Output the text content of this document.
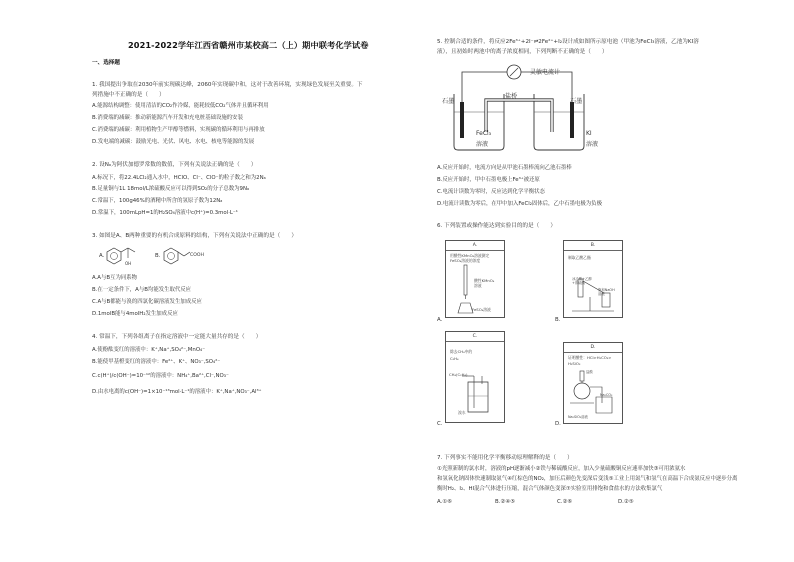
2021-2022学年江西省赣州市某校高二（上）期中联考化学试卷
一、选择题
1. 我国提出争取在2030年前实现碳达峰，2060年实现碳中和，这对于改善环境，实现绿色发展至关重要。下
列措施中不正确的是（　　）
A.能源结构调整：使用清洁的CO₂作冷媒，能耗较低CO₂气体并且循环利用
B.消费端的减碳：推动新能源汽车开发和充电桩基础设施的安装
C.消费端的减碳：利用植物生产甲醇等燃料，实现碳的循环利用与再排放
D.发电端的减碳：鼓励光电、光伏、风电、水电、核电等能源的发展
2. 设Nₐ为阿伏加德罗常数的数值，下列有关说法正确的是（　　）
A.标况下，将22.4LCl₂通入水中，HClO、Cl⁻、ClO⁻的粒子数之和为2Nₐ
B.足量铜与1L 18mol/L浓硫酸反应可以得到SO₂的分子总数为9Nₐ
C.常温下，100g46%的酒精中所含的氢原子数为12Nₐ
D.常温下，100mLpH=1的H₂SO₄溶液中c(H⁺)=0.3mol·L⁻¹
3. 如图是A、B两种重要的有机合成原料的结构，下列有关说法中正确的是（　　）
A.
OH
B.	COOH
A.A与B互为同系物
B.在一定条件下，A与B均能发生取代反应
C.A与B都能与溴的四氯化碳溶液发生加成反应
D.1molB能与4molH₂发生加成反应
4. 常温下，下列各组离子在指定溶液中一定能大量共存的是（　　）
A.使酚酞变红的溶液中：K⁺,Na⁺,SO₄²⁻,MnO₄⁻
B.能使甲基橙变红的溶液中：Fe²⁺、K⁺、NO₃⁻,SO₄²⁻
C.c(H⁺)/c(OH⁻)=10⁻¹²的溶液中：NH₄⁺,Ba²⁺,Cl⁻,NO₃⁻
D.由水电离的c(OH⁻)=1×10⁻¹³mol·L⁻¹的溶液中：K⁺,Na⁺,NO₃⁻,Al³⁺
5. 控制合适的条件，将反应2Fe³⁺+2I⁻⇌2Fe²⁺+I₂设计成如图所示原电池（甲池为FeCl₃溶液，乙池为KI溶
液），且初始时两池中的离子浓度相同，下列判断不正确的是（　　）
灵敏电流计
石墨
盐桥
石墨
FeCl₃
溶液
KI
溶液
A.反应开始时，电流方向是从甲池石墨棒流向乙池石墨棒
B.反应开始时，甲中石墨电极上Fe³⁺被还原
C.电流计读数为零时，反应达到化学平衡状态
D.电流计读数为零后，在甲中加入FeCl₂固体后，乙中石墨电极为负极
6. 下列装置或操作能达到实验目的的是（　　）
A.
用酸性KMnO₄溶液测定
FeSO₄溶液的浓度
酸性KMnO₄
溶液
FeSO₄溶液
A.
B.
制取乙酸乙酯
冰乙酸+乙醇
+浓硫酸
饱和NaOH
溶液
B.
C.
除去CH₄中的
C₂H₄
CH₄(C₂H₄)
溴水
C.
D.
证明酸性：HCl>H₂CO₃>
H₂SiO₃
盐酸
Na₂CO₃
Na₂SiO₃溶液
D.
7. 下列事实不能用化学平衡移动原理解释的是（　　）
①光照新制的氯水时，溶液的pH逐渐减小②铁与稀硫酸反应，加入少量硫酸铜反应速率加快③可用浓氨水
和氢氧化钠固体快速制取氨气④红棕色的NO₂，加压后颜色先变深后变浅⑤工业上用氮气和氢气在高温下合成氨反应中逐步分离
衡时H₂、I₂、HI混合气体进行压缩，混合气体颜色变深⑦实验室用排饱和食盐水的方法收集氯气
A.①⑥	B.②④⑤	C.②⑥	D.②⑤
